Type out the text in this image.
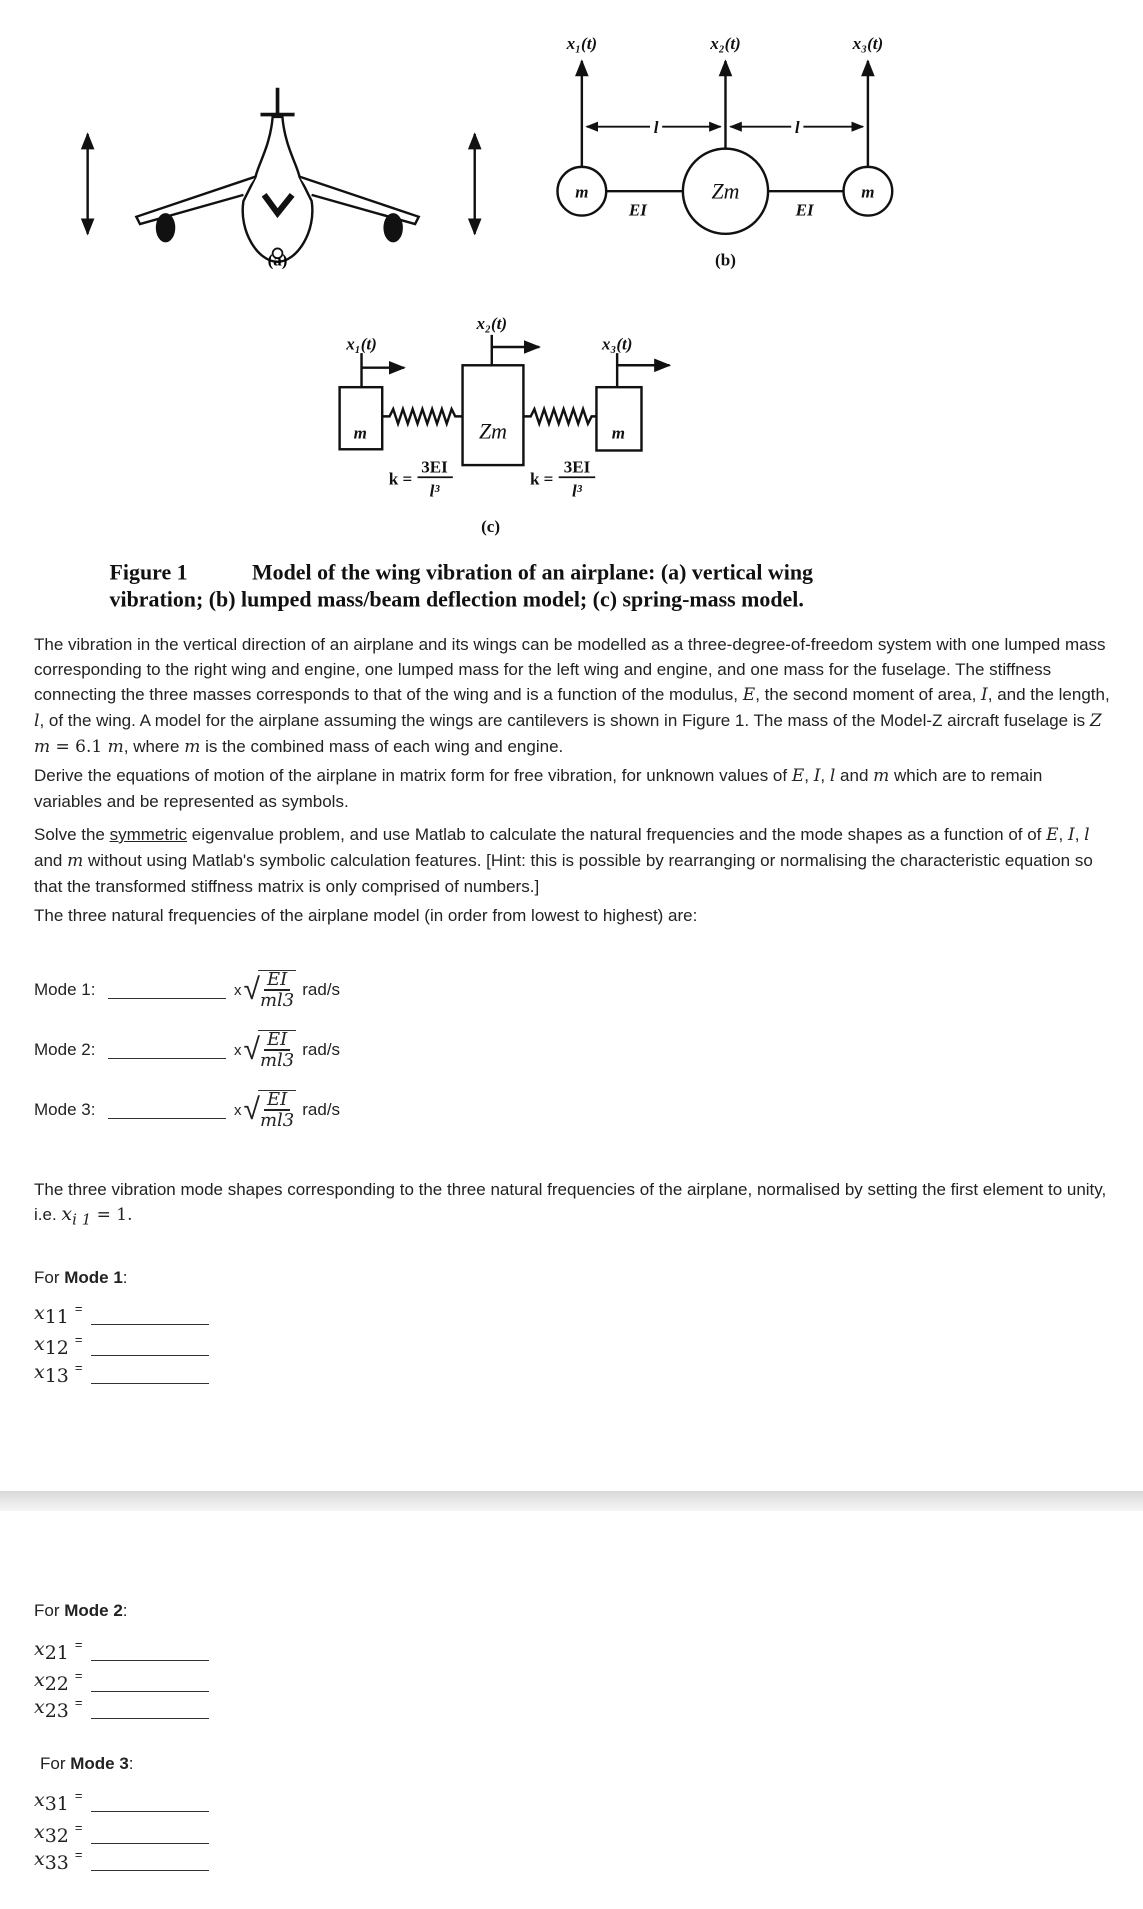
(a)
x₁(t)	x₂(t)	x₃(t)
l	l
m	Zm	m
EI	EI
(b)
x₁(t)
x₂(t)
x₃(t)
m	Zm	m
k =
3EI
l³
k =
3EI
l³
(c)
Figure 1	Model of the wing vibration of an airplane: (a) vertical wing
vibration; (b) lumped mass/beam deflection model; (c) spring-mass model.
The vibration in the vertical direction of an airplane and its wings can be modelled as a three-degree-of-freedom system with one lumped mass corresponding to the right wing and engine, one lumped mass for the left wing and engine, and one mass for the fuselage. The stiffness connecting the three masses corresponds to that of the wing and is a function of the modulus, E, the second moment of area, I, and the length, l, of the wing. A model for the airplane assuming the wings are cantilevers is shown in Figure 1. The mass of the Model-Z aircraft fuselage is Z m = 6.1 m, where m is the combined mass of each wing and engine.
Derive the equations of motion of the airplane in matrix form for free vibration, for unknown values of E, I, l and m which are to remain variables and be represented as symbols.
Solve the symmetric eigenvalue problem, and use Matlab to calculate the natural frequencies and the mode shapes as a function of of E, I, l and m without using Matlab's symbolic calculation features. [Hint: this is possible by rearranging or normalising the characteristic equation so that the transformed stiffness matrix is only comprised of numbers.]
The three natural frequencies of the airplane model (in order from lowest to highest) are:
Mode 1:	x √
$\frac{EI}{ml3} rad/s$
Mode 2:	x √
$\frac{EI}{ml3} rad/s$
Mode 3:	x √
$\frac{EI}{ml3} rad/s$
The three vibration mode shapes corresponding to the three natural frequencies of the airplane, normalised by setting the first element to unity, i.e. $x_{i 1} = 1$.
For Mode 1:
x 11 =

x 12 =

x 13 =

For Mode 2:
x 21 =

x 22 =

x 23 =

For Mode 3:
x 31 =

x 32 =

x 33 =
